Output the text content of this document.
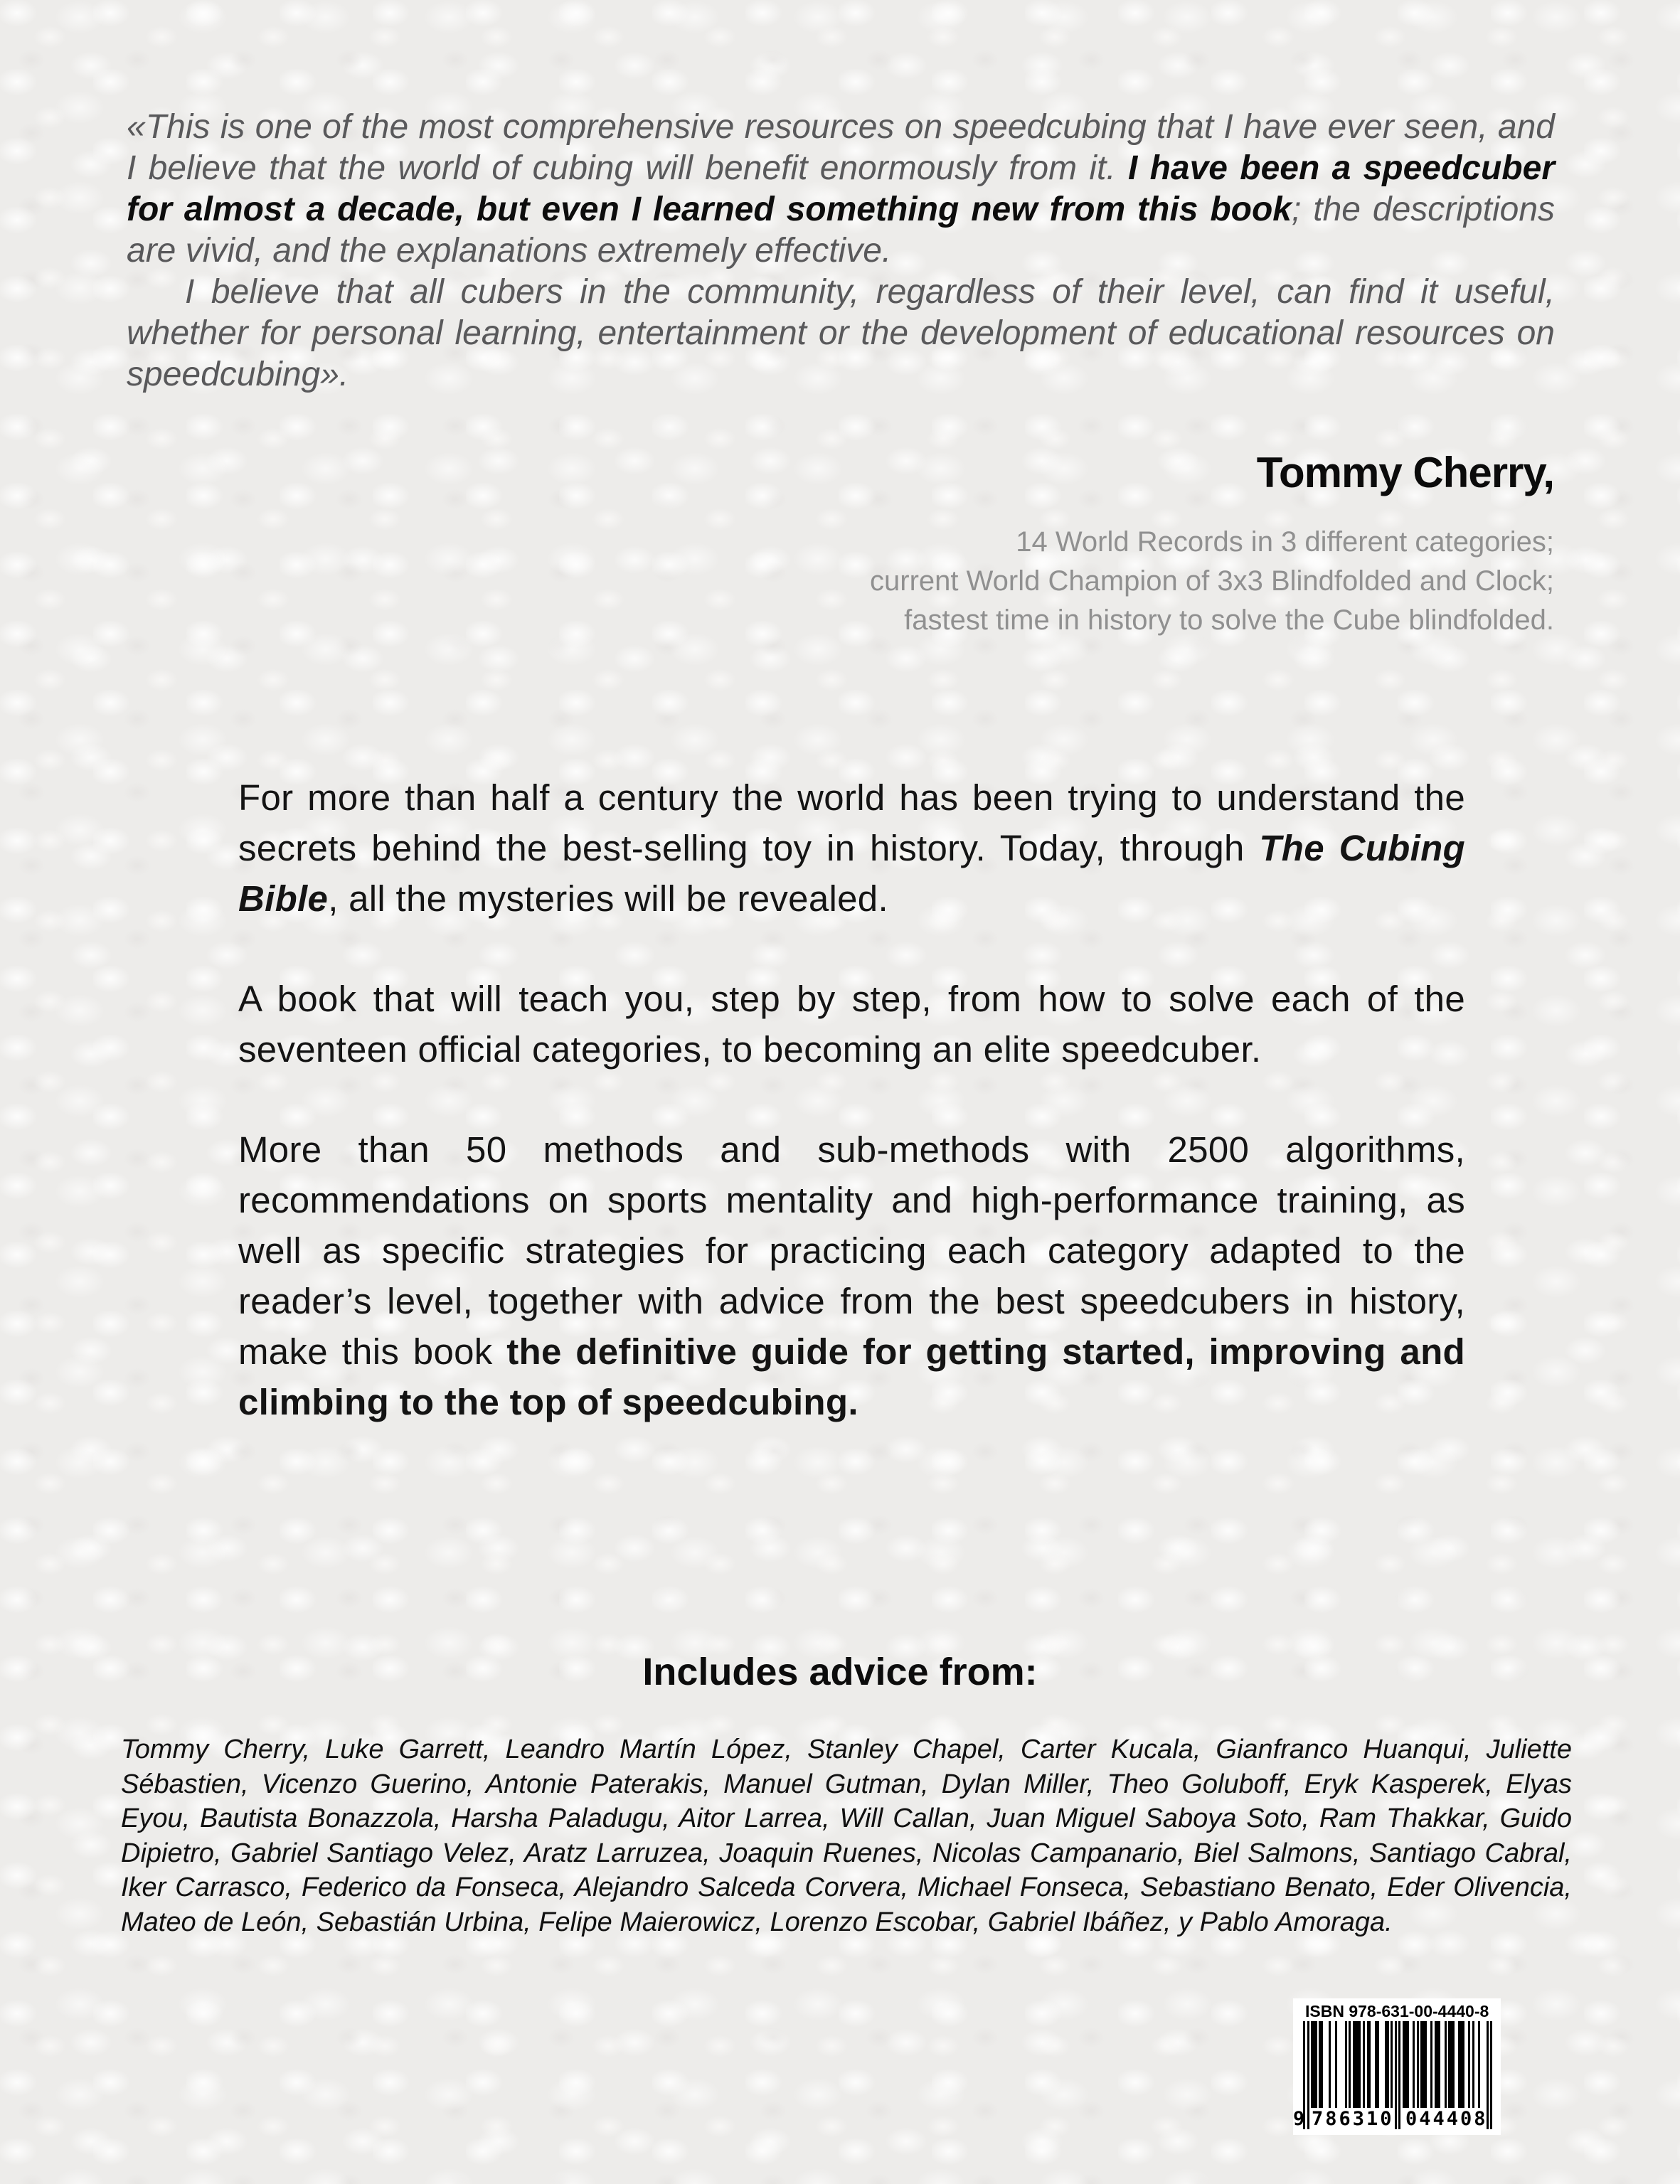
«This is one of the most comprehensive resources on speedcubing that I have ever seen, and I believe that the world of cubing will benefit enormously from it. I have been a speedcuber for almost a decade, but even I learned something new from this book; the descriptions are vivid, and the explanations extremely effective.

I believe that all cubers in the community, regardless of their level, can find it useful, whether for personal learning, entertainment or the development of educational resources on speedcubing».

Tommy Cherry,
14 World Records in 3 different categories;
current World Champion of 3x3 Blindfolded and Clock;
fastest time in history to solve the Cube blindfolded.

For more than half a century the world has been trying to understand the secrets behind the best-selling toy in history. Today, through The Cubing Bible, all the mysteries will be revealed.

A book that will teach you, step by step, from how to solve each of the seventeen official categories, to becoming an elite speedcuber.

More than 50 methods and sub-methods with 2500 algorithms, recommendations on sports mentality and high-performance training, as well as specific strategies for practicing each category adapted to the reader’s level, together with advice from the best speedcubers in history, make this book the definitive guide for getting started, improving and climbing to the top of speedcubing.

Includes advice from:

Tommy Cherry, Luke Garrett, Leandro Martín López, Stanley Chapel, Carter Kucala, Gianfranco Huanqui, Juliette Sébastien, Vicenzo Guerino, Antonie Paterakis, Manuel Gutman, Dylan Miller, Theo Goluboff, Eryk Kasperek, Elyas Eyou, Bautista Bonazzola, Harsha Paladugu, Aitor Larrea, Will Callan, Juan Miguel Saboya Soto, Ram Thakkar, Guido Dipietro, Gabriel Santiago Velez, Aratz Larruzea, Joaquin Ruenes, Nicolas Campanario, Biel Salmons, Santiago Cabral, Iker Carrasco, Federico da Fonseca, Alejandro Salceda Corvera, Michael Fonseca, Sebastiano Benato, Eder Olivencia, Mateo de León, Sebastián Urbina, Felipe Maierowicz, Lorenzo Escobar, Gabriel Ibáñez, y Pablo Amoraga.

ISBN 978-631-00-4440-8
9 786310 044408
